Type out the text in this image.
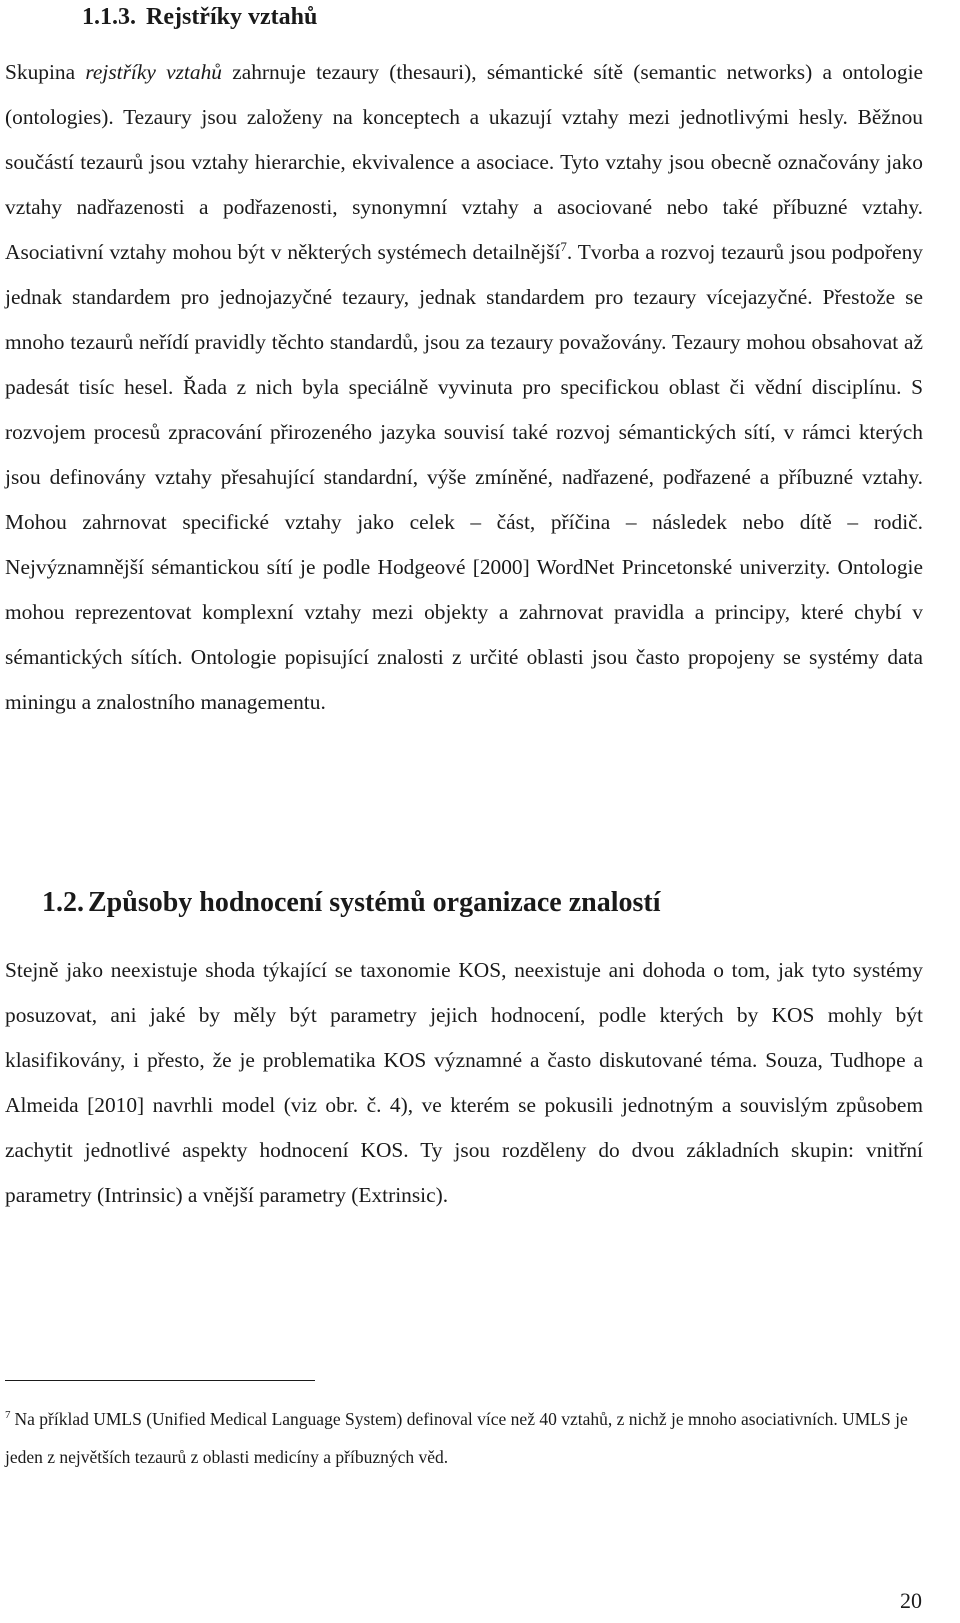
1.1.3. Rejstříky vztahů

Skupina rejstříky vztahů zahrnuje tezaury (thesauri), sémantické sítě (semantic networks) a ontologie (ontologies). Tezaury jsou založeny na konceptech a ukazují vztahy mezi jednotlivými hesly. Běžnou součástí tezaurů jsou vztahy hierarchie, ekvivalence a asociace. Tyto vztahy jsou obecně označovány jako vztahy nadřazenosti a podřazenosti, synonymní vztahy a asociované nebo také příbuzné vztahy. Asociativní vztahy mohou být v některých systémech detailnější$^7$. Tvorba a rozvoj tezaurů jsou podpořeny jednak standardem pro jednojazyčné tezaury, jednak standardem pro tezaury vícejazyčné. Přestože se mnoho tezaurů neřídí pravidly těchto standardů, jsou za tezaury považovány. Tezaury mohou obsahovat až padesát tisíc hesel. Řada z nich byla speciálně vyvinuta pro specifickou oblast či vědní disciplínu. S rozvojem procesů zpracování přirozeného jazyka souvisí také rozvoj sémantických sítí, v rámci kterých jsou definovány vztahy přesahující standardní, výše zmíněné, nadřazené, podřazené a příbuzné vztahy. Mohou zahrnovat specifické vztahy jako celek – část, příčina – následek nebo dítě – rodič. Nejvýznamnější sémantickou sítí je podle Hodgeové [2000] WordNet Princetonské univerzity. Ontologie mohou reprezentovat komplexní vztahy mezi objekty a zahrnovat pravidla a principy, které chybí v sémantických sítích. Ontologie popisující znalosti z určité oblasti jsou často propojeny se systémy data miningu a znalostního managementu.

1.2. Způsoby hodnocení systémů organizace znalostí

Stejně jako neexistuje shoda týkající se taxonomie KOS, neexistuje ani dohoda o tom, jak tyto systémy posuzovat, ani jaké by měly být parametry jejich hodnocení, podle kterých by KOS mohly být klasifikovány, i přesto, že je problematika KOS významné a často diskutované téma. Souza, Tudhope a Almeida [2010] navrhli model (viz obr. č. 4), ve kterém se pokusili jednotným a souvislým způsobem zachytit jednotlivé aspekty hodnocení KOS. Ty jsou rozděleny do dvou základních skupin: vnitřní parametry (Intrinsic) a vnější parametry (Extrinsic).

$^7$ Na příklad UMLS (Unified Medical Language System) definoval více než 40 vztahů, z nichž je mnoho asociativních. UMLS je jeden z největších tezaurů z oblasti medicíny a příbuzných věd.

20
